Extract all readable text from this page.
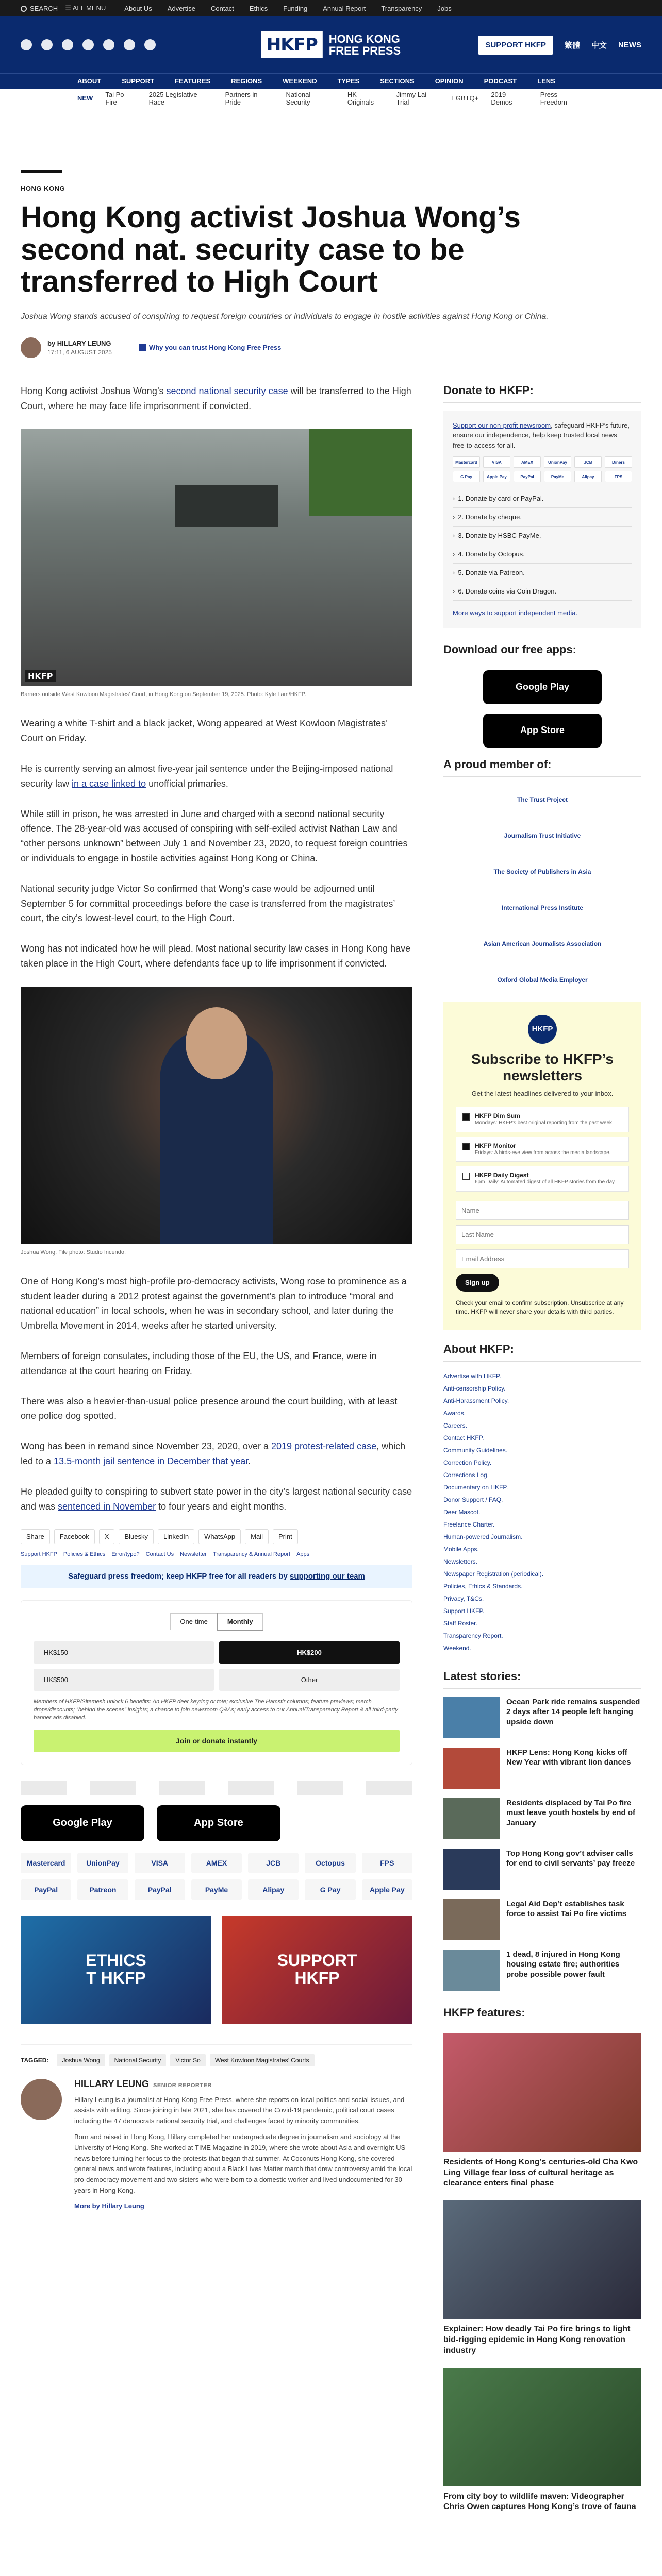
SEARCH ☰ ALL MENU	About Us Advertise Contact Ethics Funding Annual Report Transparency Jobs
HKFP	HONG KONG
FREE PRESS	SUPPORT HKFP	繁體 中文 NEWS
ABOUT	SUPPORT	FEATURES	REGIONS	WEEKEND	TYPES	SECTIONS	OPINION	PODCAST	LENS
NEW Tai Po Fire
2025 Legislative Race
Partners in Pride
National Security
HK Originals
Jimmy Lai Trial	LGBTQ+ 2019 Demos
Press Freedom
HONG KONG
Hong Kong activist Joshua Wong’s second nat. security case to be transferred to High Court

Joshua Wong stands accused of conspiring to request foreign countries or individuals to engage in hostile activities against Hong Kong or China.

by HILLARY LEUNG
17:11, 6 AUGUST 2025
Why you can trust Hong Kong Free Press

Hong Kong activist Joshua Wong’s second national security case will be transferred to the High Court, where he may face life imprisonment if convicted.

HKFP
Barriers outside West Kowloon Magistrates’ Court, in Hong Kong on September 19, 2025. Photo: Kyle Lam/HKFP.

Wearing a white T-shirt and a black jacket, Wong appeared at West Kowloon Magistrates’ Court on Friday.

He is currently serving an almost five-year jail sentence under the Beijing-imposed national security law in a case linked to unofficial primaries.

While still in prison, he was arrested in June and charged with a second national security offence. The 28-year-old was accused of conspiring with self-exiled activist Nathan Law and “other persons unknown” between July 1 and November 23, 2020, to request foreign countries or individuals to engage in hostile activities against Hong Kong or China.

National security judge Victor So confirmed that Wong’s case would be adjourned until September 5 for committal proceedings before the case is transferred from the magistrates’ court, the city’s lowest-level court, to the High Court.

Wong has not indicated how he will plead. Most national security law cases in Hong Kong have taken place in the High Court, where defendants face up to life imprisonment if convicted.

Joshua Wong. File photo: Studio Incendo.

One of Hong Kong’s most high-profile pro-democracy activists, Wong rose to prominence as a student leader during a 2012 protest against the government’s plan to introduce “moral and national education” in local schools, when he was in secondary school, and later during the Umbrella Movement in 2014, weeks after he started university.

Members of foreign consulates, including those of the EU, the US, and France, were in attendance at the court hearing on Friday.

There was also a heavier-than-usual police presence around the court building, with at least one police dog spotted.

Wong has been in remand since November 23, 2020, over a 2019 protest-related case, which led to a 13.5-month jail sentence in December that year.

He pleaded guilty to conspiring to subvert state power in the city’s largest national security case and was sentenced in November to four years and eight months.

Share	Facebook	X	Bluesky	LinkedIn	WhatsApp	Mail	Print
Support HKFP Policies & Ethics Error/typo? Contact Us Newsletter Transparency & Annual Report Apps
Safeguard press freedom; keep HKFP free for all readers by supporting our team
One-time	Monthly
HK$150	HK$200
HK$500	Other

Members of HKFP/Sitemesh unlock 6 benefits: An HKFP deer keyring or tote; exclusive The Hamstir columns; feature previews; merch drops/discounts; “behind the scenes” insights; a chance to join newsroom Q&As; early access to our Annual/Transparency Report & all third-party banner ads disabled.

Join or donate instantly
Google Play	App Store
Mastercard	UnionPay	VISA	AMEX	JCB	Octopus	FPS
PayPal	Patreon	PayPal	PayMe	Alipay	G Pay	Apple Pay
ETHICS
T HKFP
SUPPORT
HKFP
TAGGED:	Joshua Wong	National Security	Victor So	West Kowloon Magistrates’ Courts
HILLARY LEUNG SENIOR REPORTER

Hillary Leung is a journalist at Hong Kong Free Press, where she reports on local politics and social issues, and assists with editing. Since joining in late 2021, she has covered the Covid-19 pandemic, political court cases including the 47 democrats national security trial, and challenges faced by minority communities.

Born and raised in Hong Kong, Hillary completed her undergraduate degree in journalism and sociology at the University of Hong Kong. She worked at TIME Magazine in 2019, where she wrote about Asia and overnight US news before turning her focus to the protests that began that summer. At Coconuts Hong Kong, she covered general news and wrote features, including about a Black Lives Matter march that drew controversy amid the local pro-democracy movement and two sisters who were born to a domestic worker and lived undocumented for 30 years in Hong Kong.

More by Hillary Leung
Donate to HKFP:

Support our non-profit newsroom, safeguard HKFP’s future, ensure our independence, help keep trusted local news free-to-access for all.

Mastercard	VISA	AMEX	UnionPay	JCB	Diners
G Pay	Apple Pay	PayPal	PayMe	Alipay	FPS
› 1. Donate by card or PayPal.
› 2. Donate by cheque.
› 3. Donate by HSBC PayMe.
› 4. Donate by Octopus.
› 5. Donate via Patreon.
› 6. Donate coins via Coin Dragon.

More ways to support independent media.

Download our free apps:
Google Play
App Store
A proud member of:
The Trust Project
Journalism Trust Initiative
The Society of Publishers in Asia
International Press Institute
Asian American Journalists Association
Oxford Global Media Employer
HKFP
Subscribe to HKFP’s newsletters

Get the latest headlines delivered to your inbox.

HKFP Dim Sum
Mondays: HKFP’s best original reporting from the past week.
HKFP Monitor
Fridays: A birds-eye view from across the media landscape.
HKFP Daily Digest
6pm Daily: Automated digest of all HKFP stories from the day.
Name Last Name Email Address
Sign up

Check your email to confirm subscription. Unsubscribe at any time. HKFP will never share your details with third parties.

About HKFP:
Advertise with HKFP.
Anti-censorship Policy.
Anti-Harassment Policy.
Awards.
Careers.
Contact HKFP.
Community Guidelines.
Correction Policy.
Corrections Log.
Documentary on HKFP.
Donor Support / FAQ.
Deer Mascot.
Freelance Charter.
Human-powered Journalism.
Mobile Apps.
Newsletters.
Newspaper Registration (periodical).
Policies, Ethics & Standards.
Privacy, T&Cs.
Support HKFP.
Staff Roster.
Transparency Report.
Weekend.
Latest stories:
Ocean Park ride remains suspended 2 days after 14 people left hanging upside down
HKFP Lens: Hong Kong kicks off New Year with vibrant lion dances
Residents displaced by Tai Po fire must leave youth hostels by end of January
Top Hong Kong gov’t adviser calls for end to civil servants’ pay freeze
Legal Aid Dep’t establishes task force to assist Tai Po fire victims
1 dead, 8 injured in Hong Kong housing estate fire; authorities probe possible power fault
HKFP features:
Residents of Hong Kong’s centuries-old Cha Kwo Ling Village fear loss of cultural heritage as clearance enters final phase
Explainer: How deadly Tai Po fire brings to light bid-rigging epidemic in Hong Kong renovation industry
From city boy to wildlife maven: Videographer Chris Owen captures Hong Kong’s trove of fauna
